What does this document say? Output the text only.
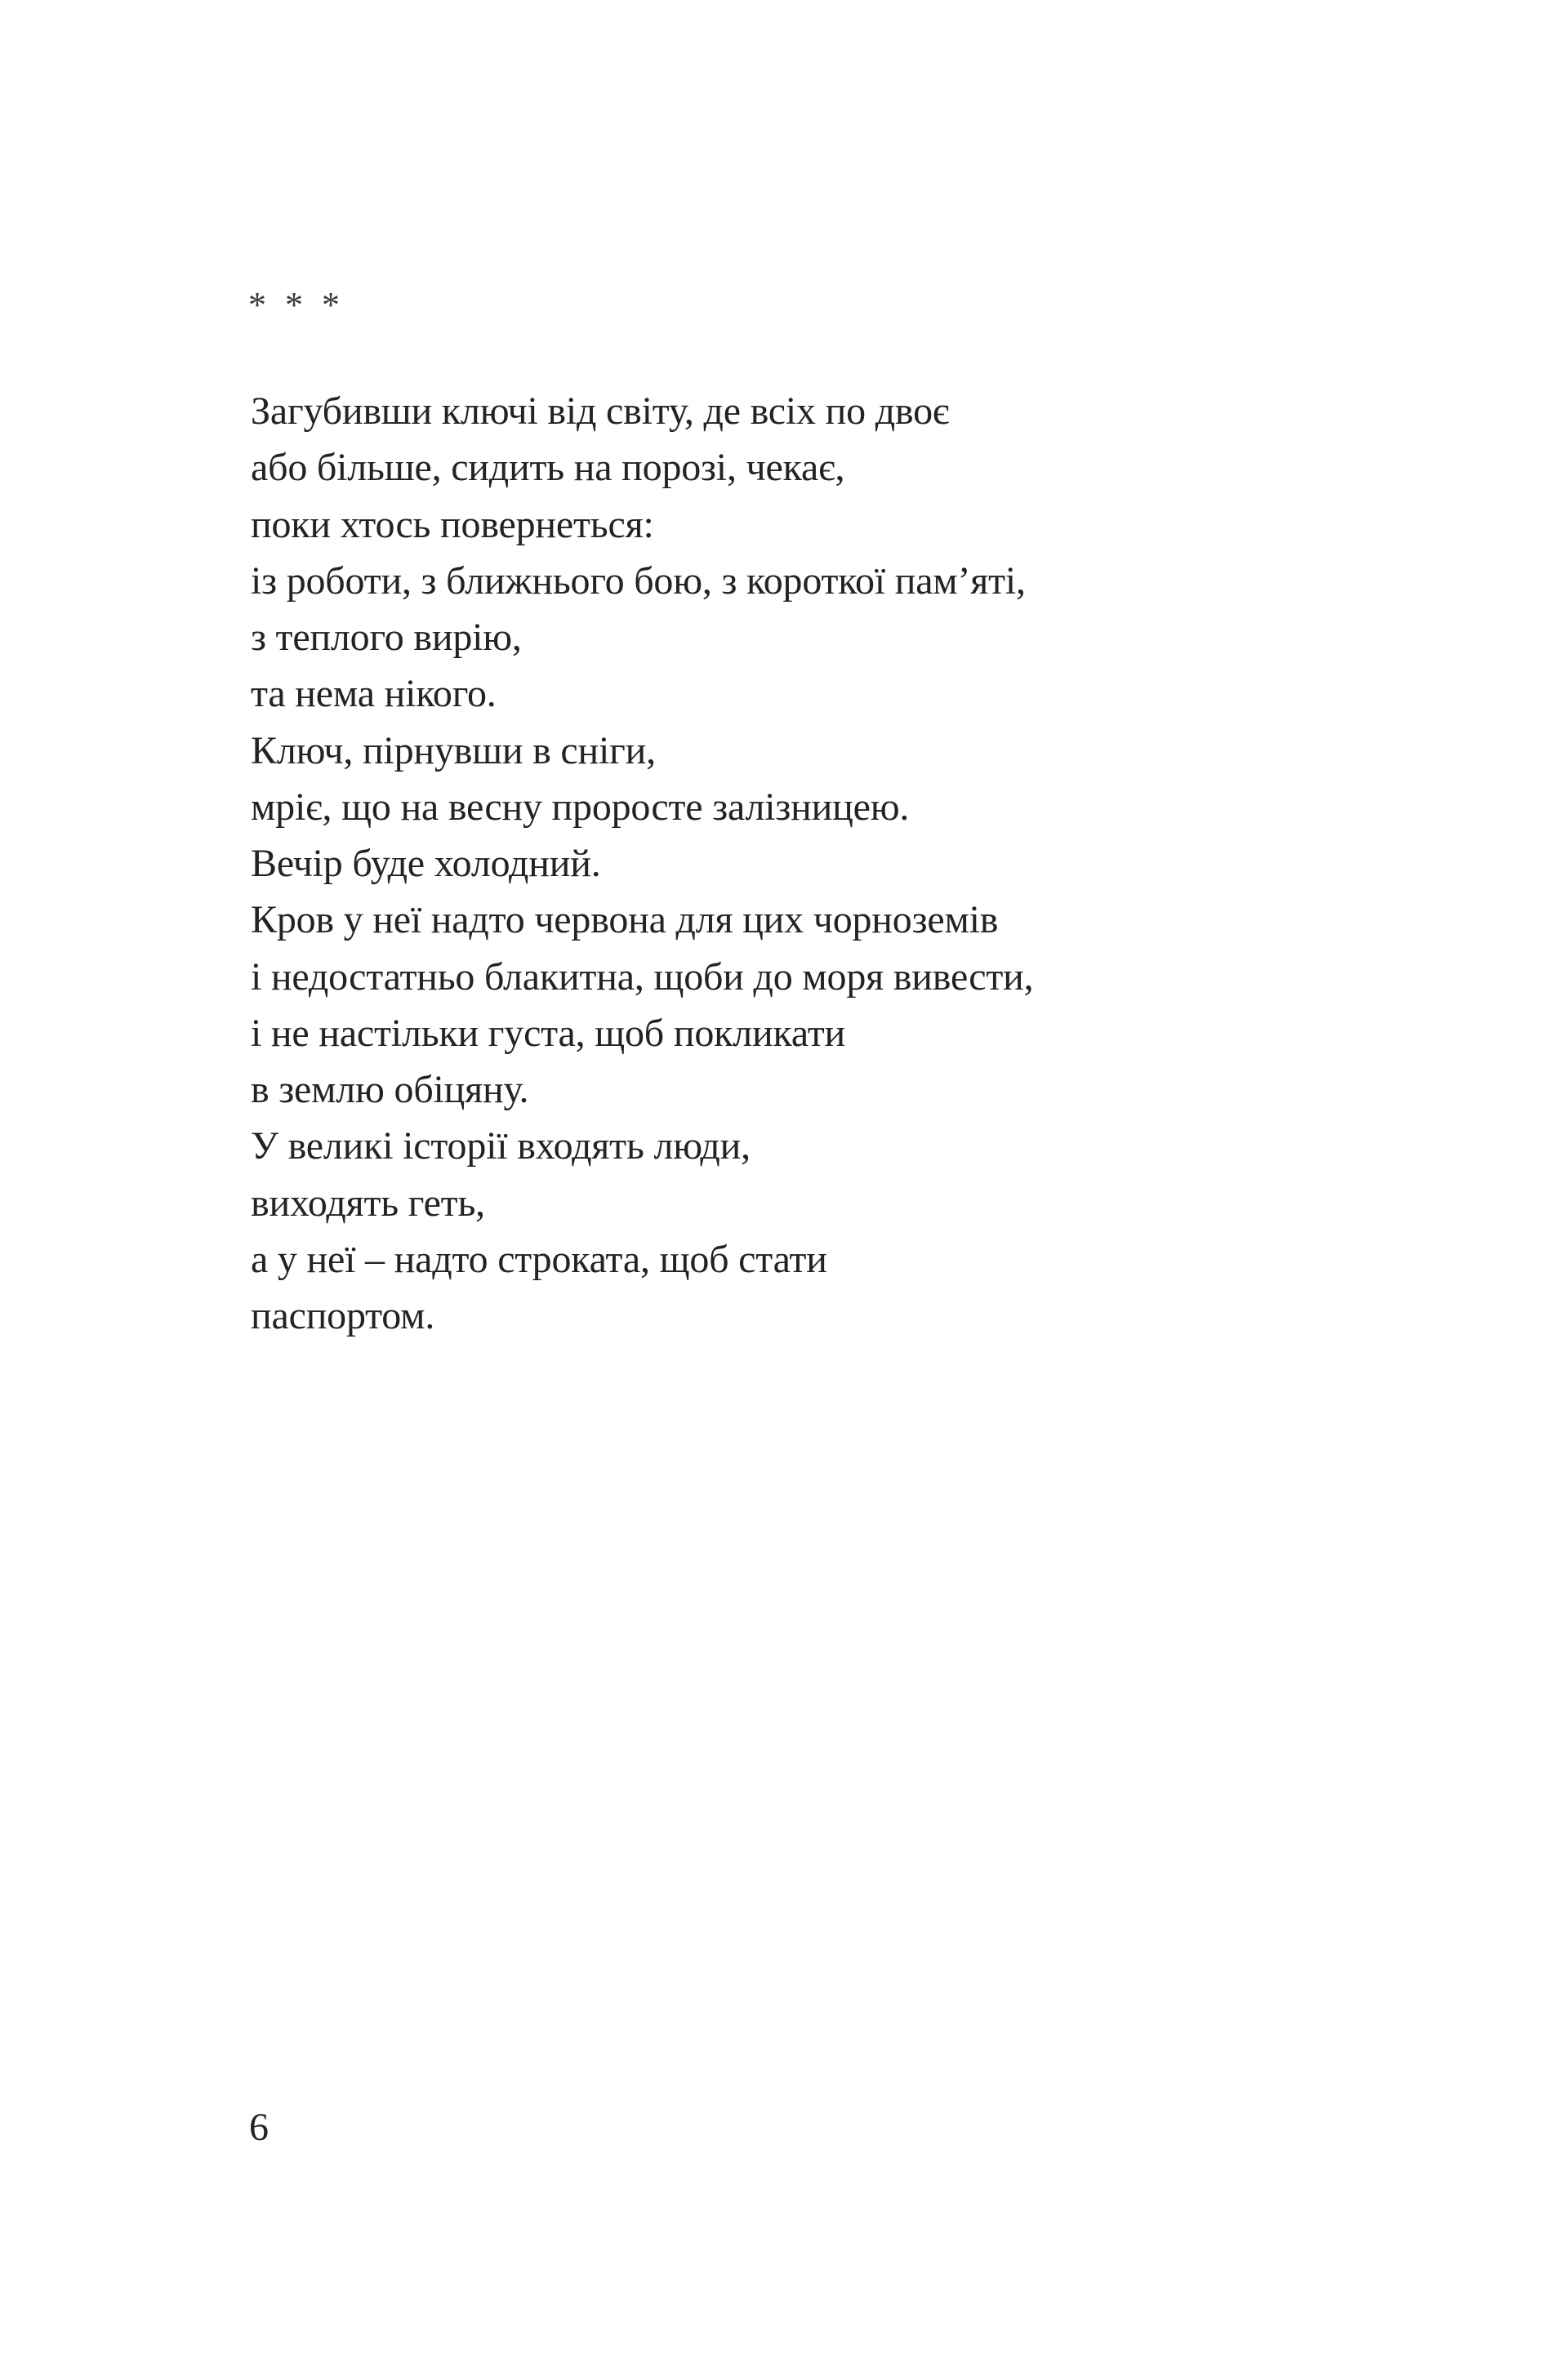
* * *
Загубивши ключі від світу, де всіх по двоє
або більше, сидить на порозі, чекає,
поки хтось повернеться:
із роботи, з ближнього бою, з короткої пам’яті,
з теплого вирію,
та нема нікого.
Ключ, пірнувши в сніги,
мріє, що на весну проросте залізницею.
Вечір буде холодний.
Кров у неї надто червона для цих чорноземів
і недостатньо блакитна, щоби до моря вивести,
і не настільки густа, щоб покликати
в землю обіцяну.
У великі історії входять люди,
виходять геть,
а у неї – надто строката, щоб стати
паспортом.
6
